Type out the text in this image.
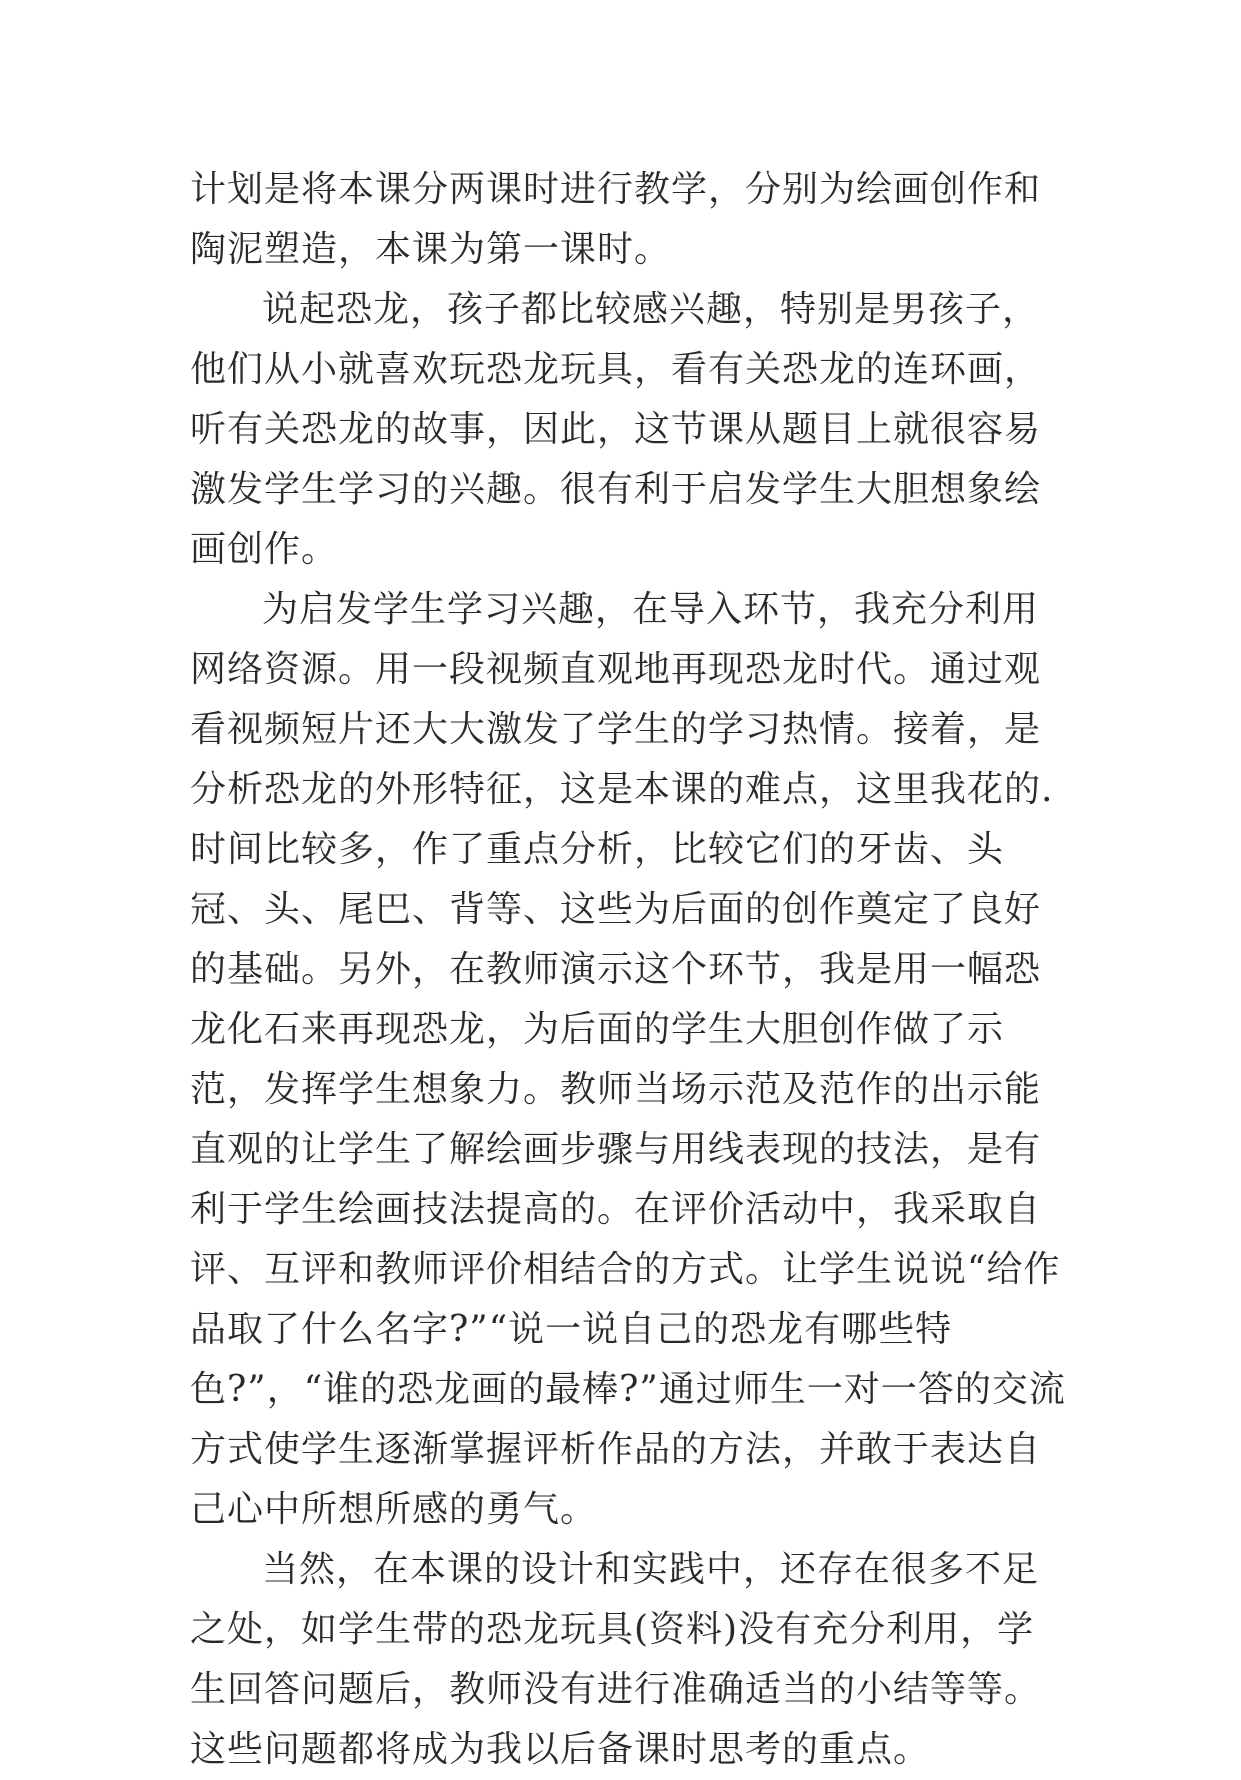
计划是将本课分两课时进行教学，分别为绘画创作和陶泥塑造，本课为第一课时。

说起恐龙，孩子都比较感兴趣，特别是男孩子，他们从小就喜欢玩恐龙玩具，看有关恐龙的连环画，听有关恐龙的故事，因此，这节课从题目上就很容易激发学生学习的兴趣。很有利于启发学生大胆想象绘画创作。

为启发学生学习兴趣，在导入环节，我充分利用网络资源。用一段视频直观地再现恐龙时代。通过观看视频短片还大大激发了学生的学习热情。接着，是分析恐龙的外形特征，这是本课的难点，这里我花的.时间比较多，作了重点分析，比较它们的牙齿、头冠、头、尾巴、背等、这些为后面的创作奠定了良好的基础。另外，在教师演示这个环节，我是用一幅恐龙化石来再现恐龙，为后面的学生大胆创作做了示范，发挥学生想象力。教师当场示范及范作的出示能直观的让学生了解绘画步骤与用线表现的技法，是有利于学生绘画技法提高的。在评价活动中，我采取自评、互评和教师评价相结合的方式。让学生说说“给作品取了什么名字?”“说一说自己的恐龙有哪些特色?”，“谁的恐龙画的最棒?”通过师生一对一答的交流方式使学生逐渐掌握评析作品的方法，并敢于表达自己心中所想所感的勇气。

当然，在本课的设计和实践中，还存在很多不足之处，如学生带的恐龙玩具(资料)没有充分利用，学生回答问题后，教师没有进行准确适当的小结等等。这些问题都将成为我以后备课时思考的重点。
